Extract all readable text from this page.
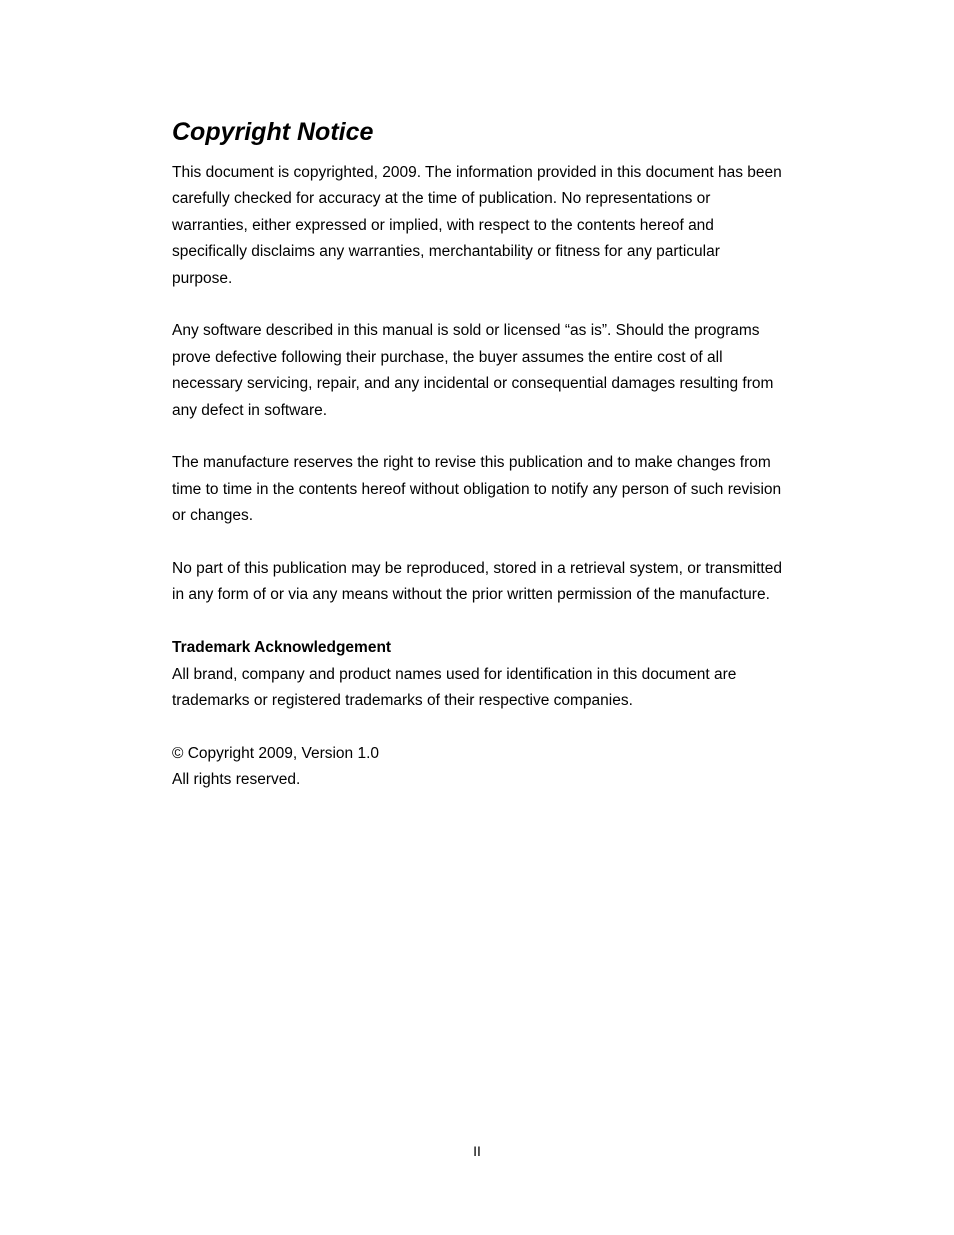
Copyright Notice

This document is copyrighted, 2009. The information provided in this document has been carefully checked for accuracy at the time of publication. No representations or warranties, either expressed or implied, with respect to the contents hereof and specifically disclaims any warranties, merchantability or fitness for any particular purpose.

Any software described in this manual is sold or licensed “as is”. Should the programs prove defective following their purchase, the buyer assumes the entire cost of all necessary servicing, repair, and any incidental or consequential damages resulting from any defect in software.

The manufacture reserves the right to revise this publication and to make changes from time to time in the contents hereof without obligation to notify any person of such revision or changes.

No part of this publication may be reproduced, stored in a retrieval system, or transmitted in any form of or via any means without the prior written permission of the manufacture.

Trademark Acknowledgement

All brand, company and product names used for identification in this document are trademarks or registered trademarks of their respective companies.

© Copyright 2009, Version 1.0
All rights reserved.
II
